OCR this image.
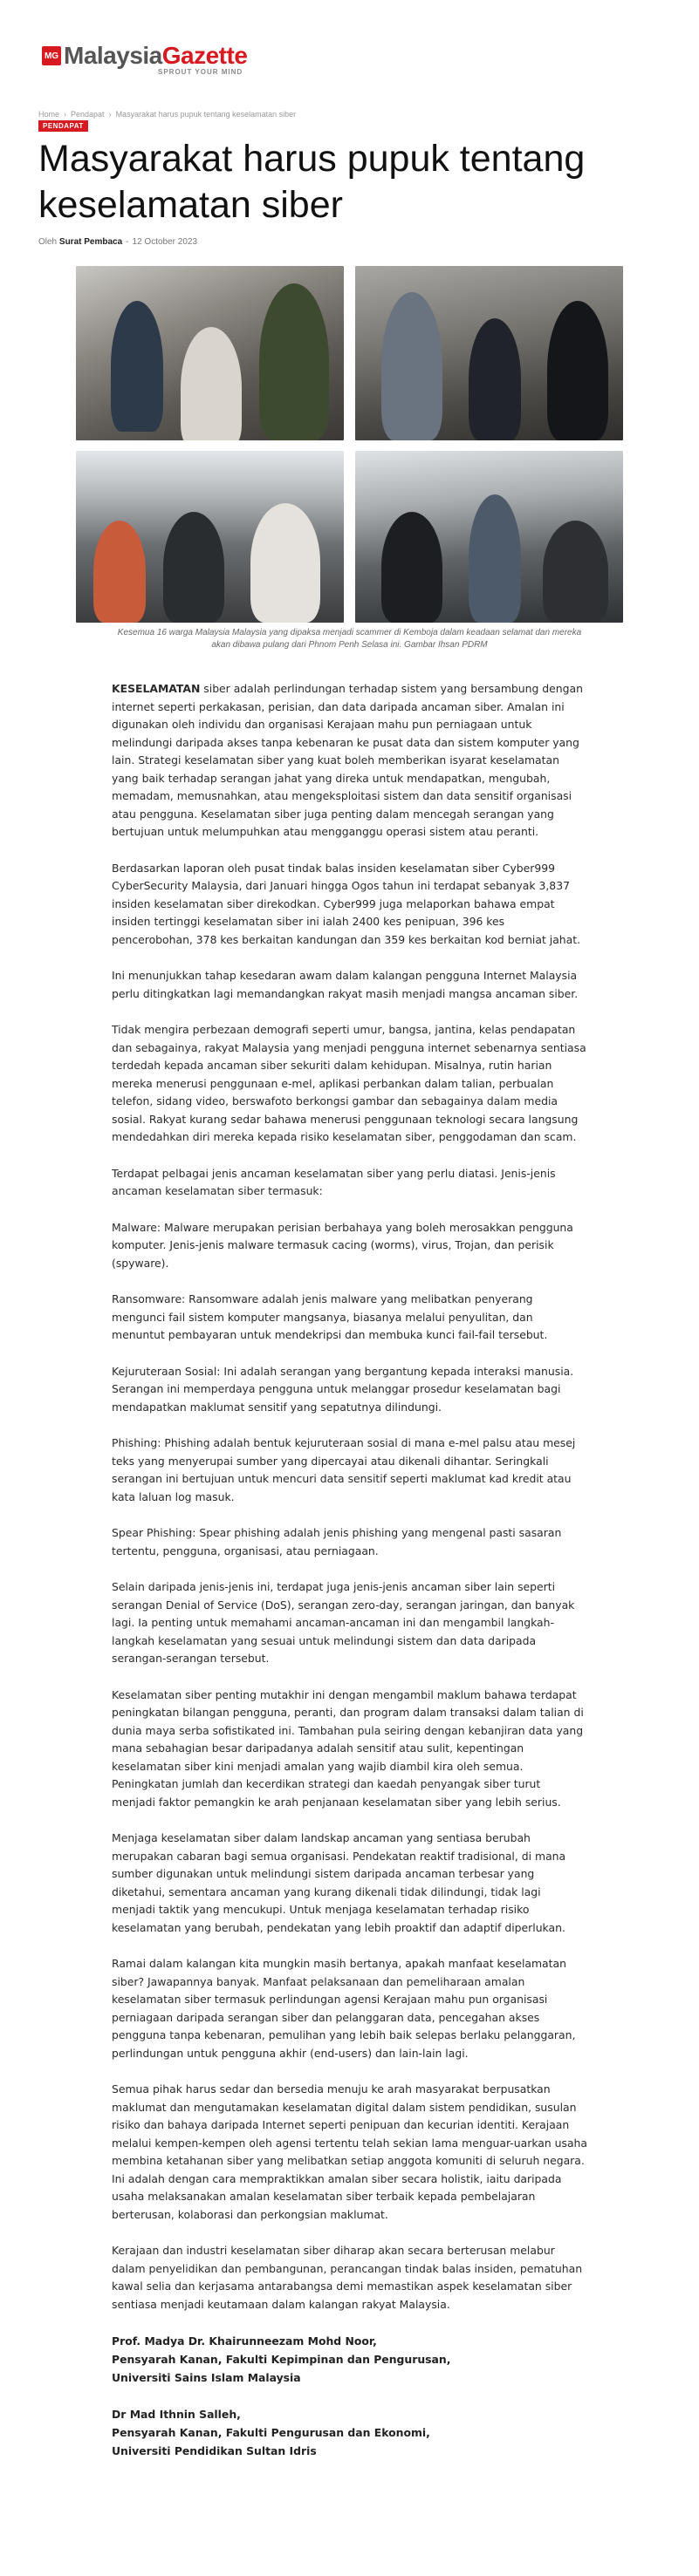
MG MalaysiaGazette
SPROUT YOUR MIND
Home › Pendapat › Masyarakat harus pupuk tentang keselamatan siber
PENDAPAT
Masyarakat harus pupuk tentang keselamatan siber
Oleh Surat Pembaca - 12 October 2023
Kesemua 16 warga Malaysia Malaysia yang dipaksa menjadi scammer di Kemboja dalam keadaan selamat dan mereka
akan dibawa pulang dari Phnom Penh Selasa ini. Gambar Ihsan PDRM

KESELAMATAN siber adalah perlindungan terhadap sistem yang bersambung dengan internet seperti perkakasan, perisian, dan data daripada ancaman siber. Amalan ini digunakan oleh individu dan organisasi Kerajaan mahu pun perniagaan untuk melindungi daripada akses tanpa kebenaran ke pusat data dan sistem komputer yang lain. Strategi keselamatan siber yang kuat boleh memberikan isyarat keselamatan yang baik terhadap serangan jahat yang direka untuk mendapatkan, mengubah, memadam, memusnahkan, atau mengeksploitasi sistem dan data sensitif organisasi atau pengguna. Keselamatan siber juga penting dalam mencegah serangan yang bertujuan untuk melumpuhkan atau mengganggu operasi sistem atau peranti.

Berdasarkan laporan oleh pusat tindak balas insiden keselamatan siber Cyber999 CyberSecurity Malaysia, dari Januari hingga Ogos tahun ini terdapat sebanyak 3,837 insiden keselamatan siber direkodkan. Cyber999 juga melaporkan bahawa empat insiden tertinggi keselamatan siber ini ialah 2400 kes penipuan, 396 kes pencerobohan, 378 kes berkaitan kandungan dan 359 kes berkaitan kod berniat jahat.

Ini menunjukkan tahap kesedaran awam dalam kalangan pengguna Internet Malaysia perlu ditingkatkan lagi memandangkan rakyat masih menjadi mangsa ancaman siber.

Tidak mengira perbezaan demografi seperti umur, bangsa, jantina, kelas pendapatan dan sebagainya, rakyat Malaysia yang menjadi pengguna internet sebenarnya sentiasa terdedah kepada ancaman siber sekuriti dalam kehidupan. Misalnya, rutin harian mereka menerusi penggunaan e-mel, aplikasi perbankan dalam talian, perbualan telefon, sidang video, berswafoto berkongsi gambar dan sebagainya dalam media sosial. Rakyat kurang sedar bahawa menerusi penggunaan teknologi secara langsung mendedahkan diri mereka kepada risiko keselamatan siber, penggodaman dan scam.

Terdapat pelbagai jenis ancaman keselamatan siber yang perlu diatasi. Jenis-jenis ancaman keselamatan siber termasuk:

Malware: Malware merupakan perisian berbahaya yang boleh merosakkan pengguna komputer. Jenis-jenis malware termasuk cacing (worms), virus, Trojan, dan perisik (spyware).

Ransomware: Ransomware adalah jenis malware yang melibatkan penyerang mengunci fail sistem komputer mangsanya, biasanya melalui penyulitan, dan menuntut pembayaran untuk mendekripsi dan membuka kunci fail-fail tersebut.

Kejuruteraan Sosial: Ini adalah serangan yang bergantung kepada interaksi manusia. Serangan ini memperdaya pengguna untuk melanggar prosedur keselamatan bagi mendapatkan maklumat sensitif yang sepatutnya dilindungi.

Phishing: Phishing adalah bentuk kejuruteraan sosial di mana e-mel palsu atau mesej teks yang menyerupai sumber yang dipercayai atau dikenali dihantar. Seringkali serangan ini bertujuan untuk mencuri data sensitif seperti maklumat kad kredit atau kata laluan log masuk.

Spear Phishing: Spear phishing adalah jenis phishing yang mengenal pasti sasaran tertentu, pengguna, organisasi, atau perniagaan.

Selain daripada jenis-jenis ini, terdapat juga jenis-jenis ancaman siber lain seperti serangan Denial of Service (DoS), serangan zero-day, serangan jaringan, dan banyak lagi. Ia penting untuk memahami ancaman-ancaman ini dan mengambil langkah-langkah keselamatan yang sesuai untuk melindungi sistem dan data daripada serangan-serangan tersebut.

Keselamatan siber penting mutakhir ini dengan mengambil maklum bahawa terdapat peningkatan bilangan pengguna, peranti, dan program dalam transaksi dalam talian di dunia maya serba sofistikated ini. Tambahan pula seiring dengan kebanjiran data yang mana sebahagian besar daripadanya adalah sensitif atau sulit, kepentingan keselamatan siber kini menjadi amalan yang wajib diambil kira oleh semua. Peningkatan jumlah dan kecerdikan strategi dan kaedah penyangak siber turut menjadi faktor pemangkin ke arah penjanaan keselamatan siber yang lebih serius.

Menjaga keselamatan siber dalam landskap ancaman yang sentiasa berubah merupakan cabaran bagi semua organisasi. Pendekatan reaktif tradisional, di mana sumber digunakan untuk melindungi sistem daripada ancaman terbesar yang diketahui, sementara ancaman yang kurang dikenali tidak dilindungi, tidak lagi menjadi taktik yang mencukupi. Untuk menjaga keselamatan terhadap risiko keselamatan yang berubah, pendekatan yang lebih proaktif dan adaptif diperlukan.

Ramai dalam kalangan kita mungkin masih bertanya, apakah manfaat keselamatan siber? Jawapannya banyak. Manfaat pelaksanaan dan pemeliharaan amalan keselamatan siber termasuk perlindungan agensi Kerajaan mahu pun organisasi perniagaan daripada serangan siber dan pelanggaran data, pencegahan akses pengguna tanpa kebenaran, pemulihan yang lebih baik selepas berlaku pelanggaran, perlindungan untuk pengguna akhir (end-users) dan lain-lain lagi.

Semua pihak harus sedar dan bersedia menuju ke arah masyarakat berpusatkan maklumat dan mengutamakan keselamatan digital dalam sistem pendidikan, susulan risiko dan bahaya daripada Internet seperti penipuan dan kecurian identiti. Kerajaan melalui kempen-kempen oleh agensi tertentu telah sekian lama menguar-uarkan usaha membina ketahanan siber yang melibatkan setiap anggota komuniti di seluruh negara. Ini adalah dengan cara mempraktikkan amalan siber secara holistik, iaitu daripada usaha melaksanakan amalan keselamatan siber terbaik kepada pembelajaran berterusan, kolaborasi dan perkongsian maklumat.

Kerajaan dan industri keselamatan siber diharap akan secara berterusan melabur dalam penyelidikan dan pembangunan, perancangan tindak balas insiden, pematuhan kawal selia dan kerjasama antarabangsa demi memastikan aspek keselamatan siber sentiasa menjadi keutamaan dalam kalangan rakyat Malaysia.

Prof. Madya Dr. Khairunneezam Mohd Noor,
Pensyarah Kanan, Fakulti Kepimpinan dan Pengurusan,
Universiti Sains Islam Malaysia
Dr Mad Ithnin Salleh,
Pensyarah Kanan, Fakulti Pengurusan dan Ekonomi,
Universiti Pendidikan Sultan Idris
